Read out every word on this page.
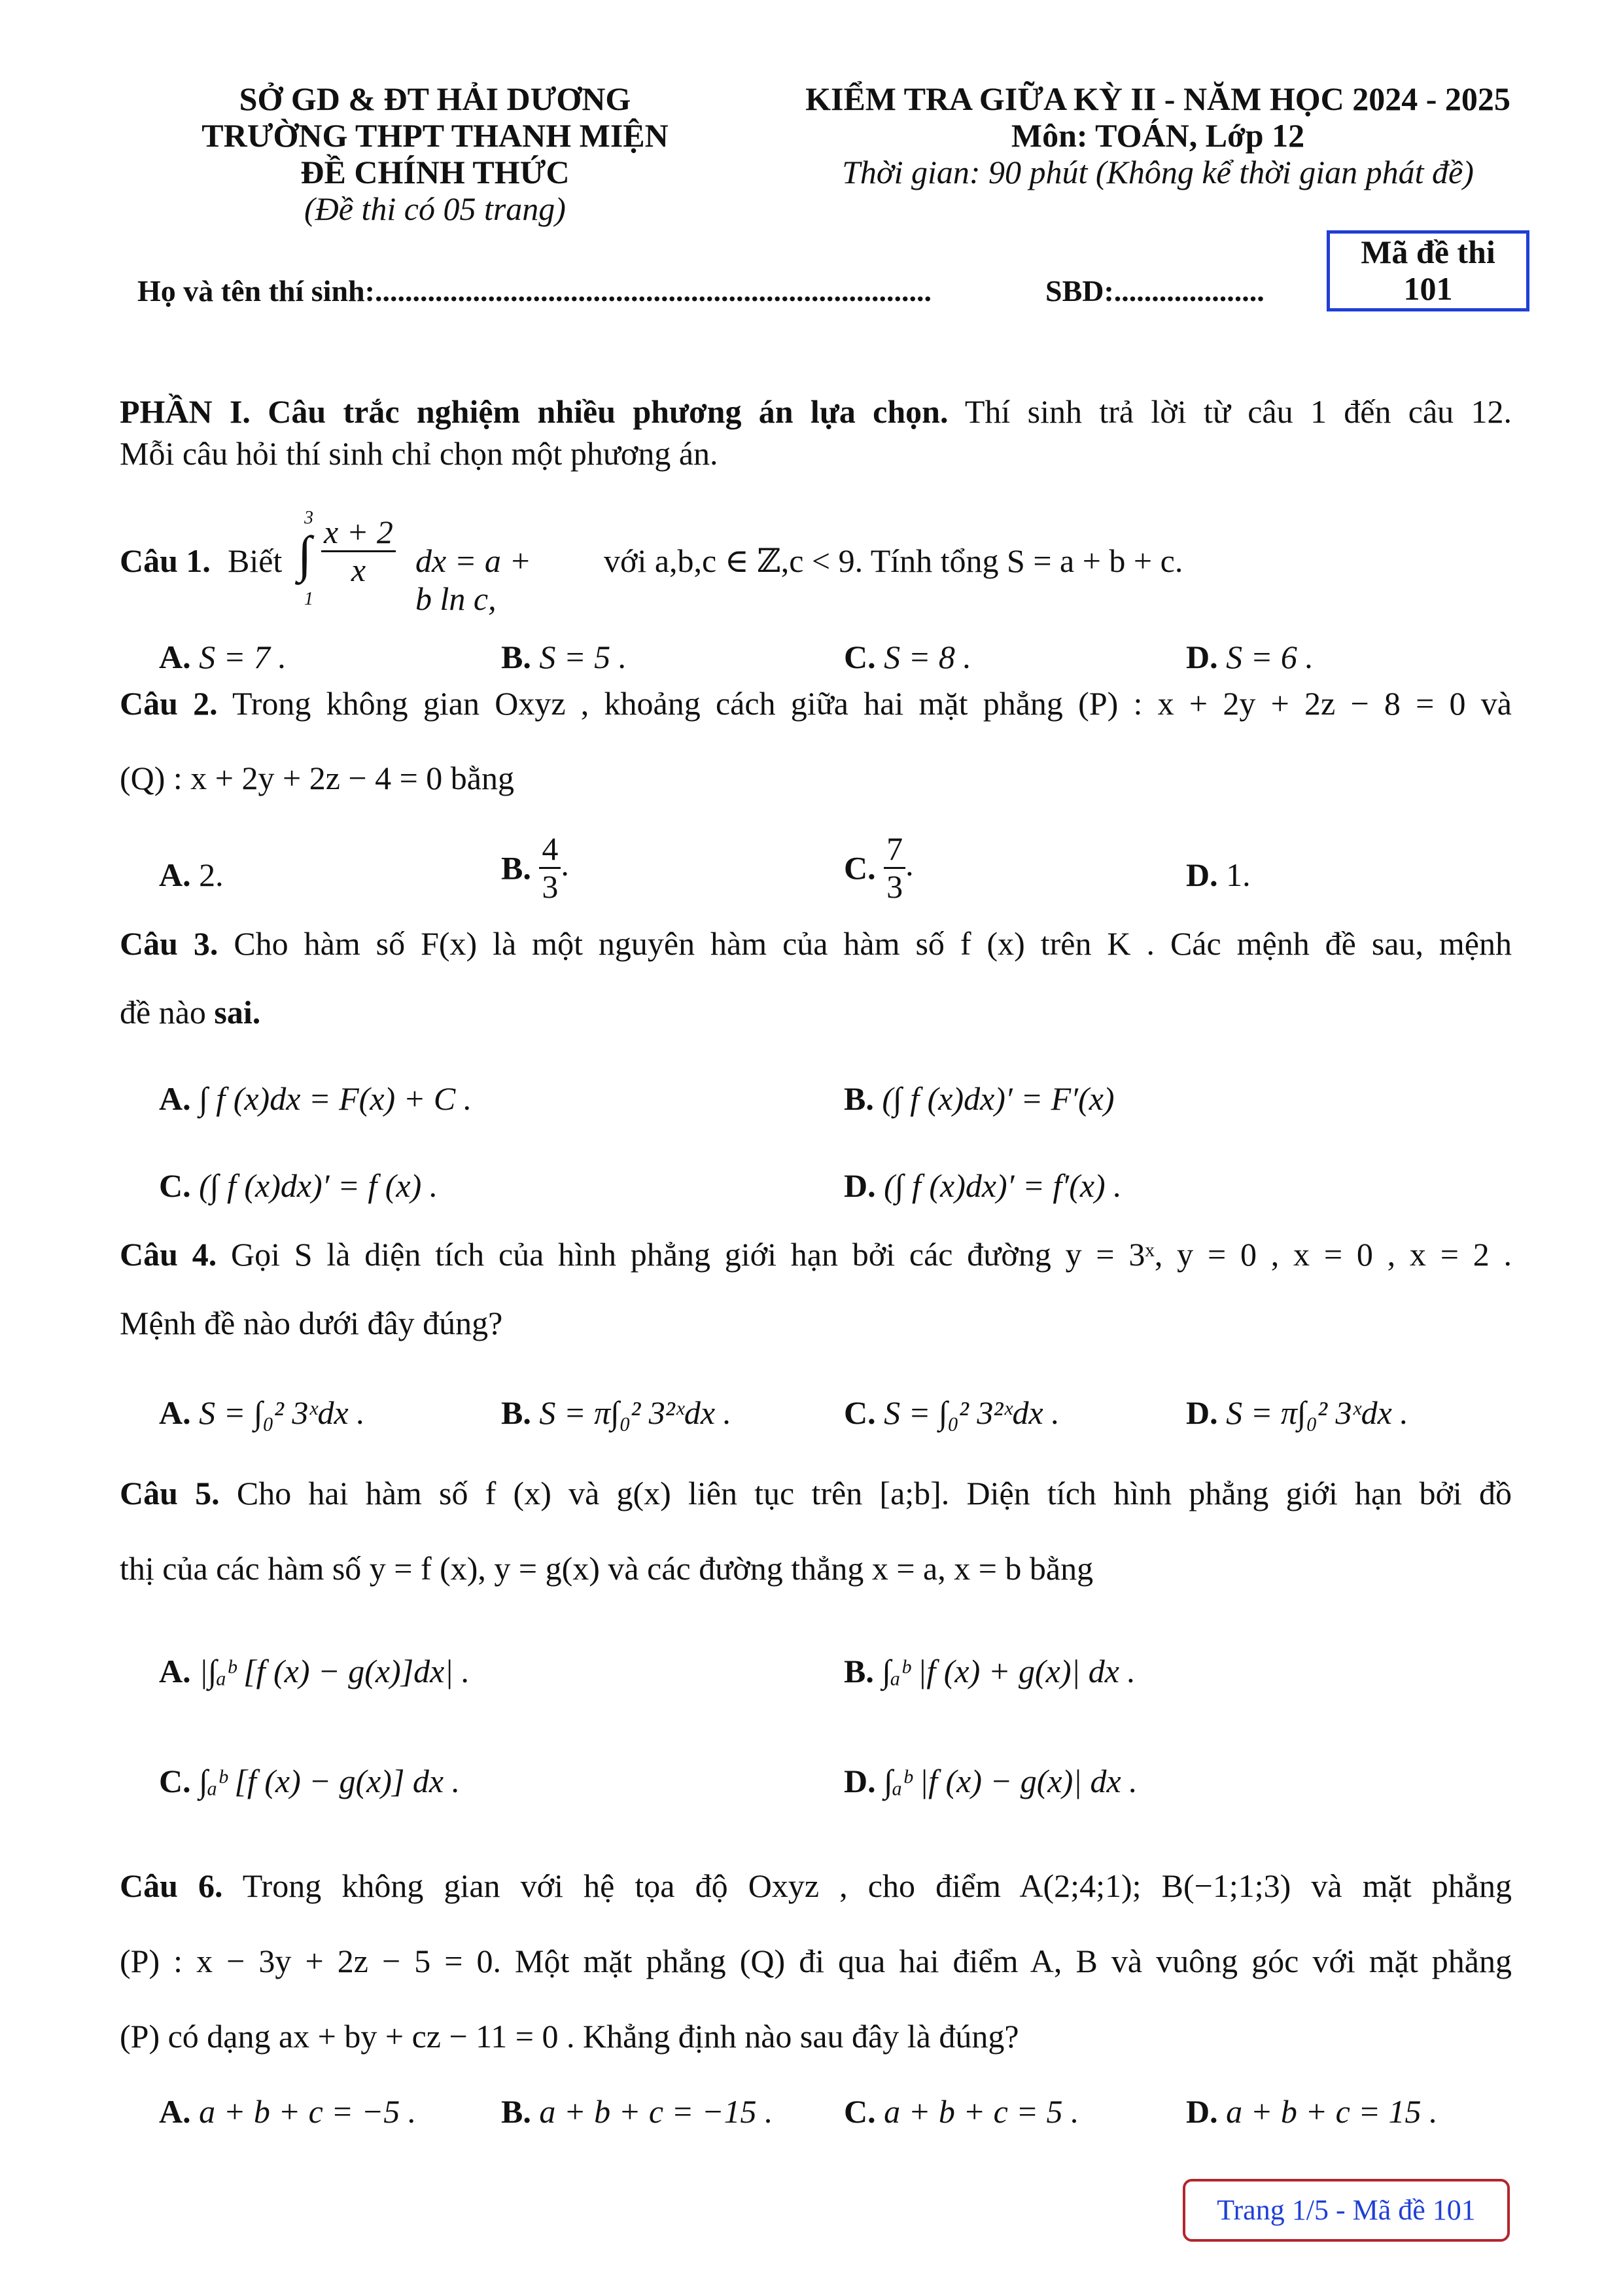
SỞ GD & ĐT HẢI DƯƠNG
TRƯỜNG THPT THANH MIỆN
ĐỀ CHÍNH THỨC
(Đề thi có 05 trang)
KIỂM TRA GIỮA KỲ II - NĂM HỌC 2024 - 2025
Môn: TOÁN, Lớp 12
Thời gian: 90 phút (Không kể thời gian phát đề)
Họ và tên thí sinh:..........................................................................	SBD:....................
Mã đề thi
101
PHẦN I. Câu trắc nghiệm nhiều phương án lựa chọn. Thí sinh trả lời từ câu 1 đến câu 12.
Mỗi câu hỏi thí sinh chỉ chọn một phương án.
Câu 1. Biết ∫
3
1
$\frac{x + 2}{x}$ dx = a + b ln c,
với a,b,c ∈ ℤ,c < 9. Tính tổng S = a + b + c.
A. S = 7 .	B. S = 5 .	C. S = 8 .	D. S = 6 .
Câu 2. Trong không gian Oxyz , khoảng cách giữa hai mặt phẳng (P) : x + 2y + 2z − 8 = 0 và
(Q) : x + 2y + 2z − 4 = 0 bằng
A. 2.	B. $\frac{4}{3}$ .	C. $\frac{7}{3}$ .	D. 1.
Câu 3. Cho hàm số F(x) là một nguyên hàm của hàm số f (x) trên K . Các mệnh đề sau, mệnh
đề nào sai.
A. ∫ f (x)dx = F(x) + C .	B. (∫ f (x)dx)′ = F′(x)
C. (∫ f (x)dx)′ = f (x) .	D. (∫ f (x)dx)′ = f′(x) .
Câu 4. Gọi S là diện tích của hình phẳng giới hạn bởi các đường y = 3ˣ, y = 0 , x = 0 , x = 2 .
Mệnh đề nào dưới đây đúng?
A. S = ∫₀² 3ˣdx .	B. S = π∫₀² 3²ˣdx .	C. S = ∫₀² 3²ˣdx .	D. S = π∫₀² 3ˣdx .
Câu 5. Cho hai hàm số f (x) và g(x) liên tục trên [a;b]. Diện tích hình phẳng giới hạn bởi đồ
thị của các hàm số y = f (x), y = g(x) và các đường thẳng x = a, x = b bằng
A. |∫ₐᵇ [f (x) − g(x)]dx| .	B. ∫ₐᵇ |f (x) + g(x)| dx .
C. ∫ₐᵇ [f (x) − g(x)] dx .	D. ∫ₐᵇ |f (x) − g(x)| dx .
Câu 6. Trong không gian với hệ tọa độ Oxyz , cho điểm A(2;4;1); B(−1;1;3) và mặt phẳng
(P) : x − 3y + 2z − 5 = 0. Một mặt phẳng (Q) đi qua hai điểm A, B và vuông góc với mặt phẳng
(P) có dạng ax + by + cz − 11 = 0 . Khẳng định nào sau đây là đúng?
A. a + b + c = −5 .	B. a + b + c = −15 . C. a + b + c = 5 .	D. a + b + c = 15 .
Trang 1/5 - Mã đề 101
